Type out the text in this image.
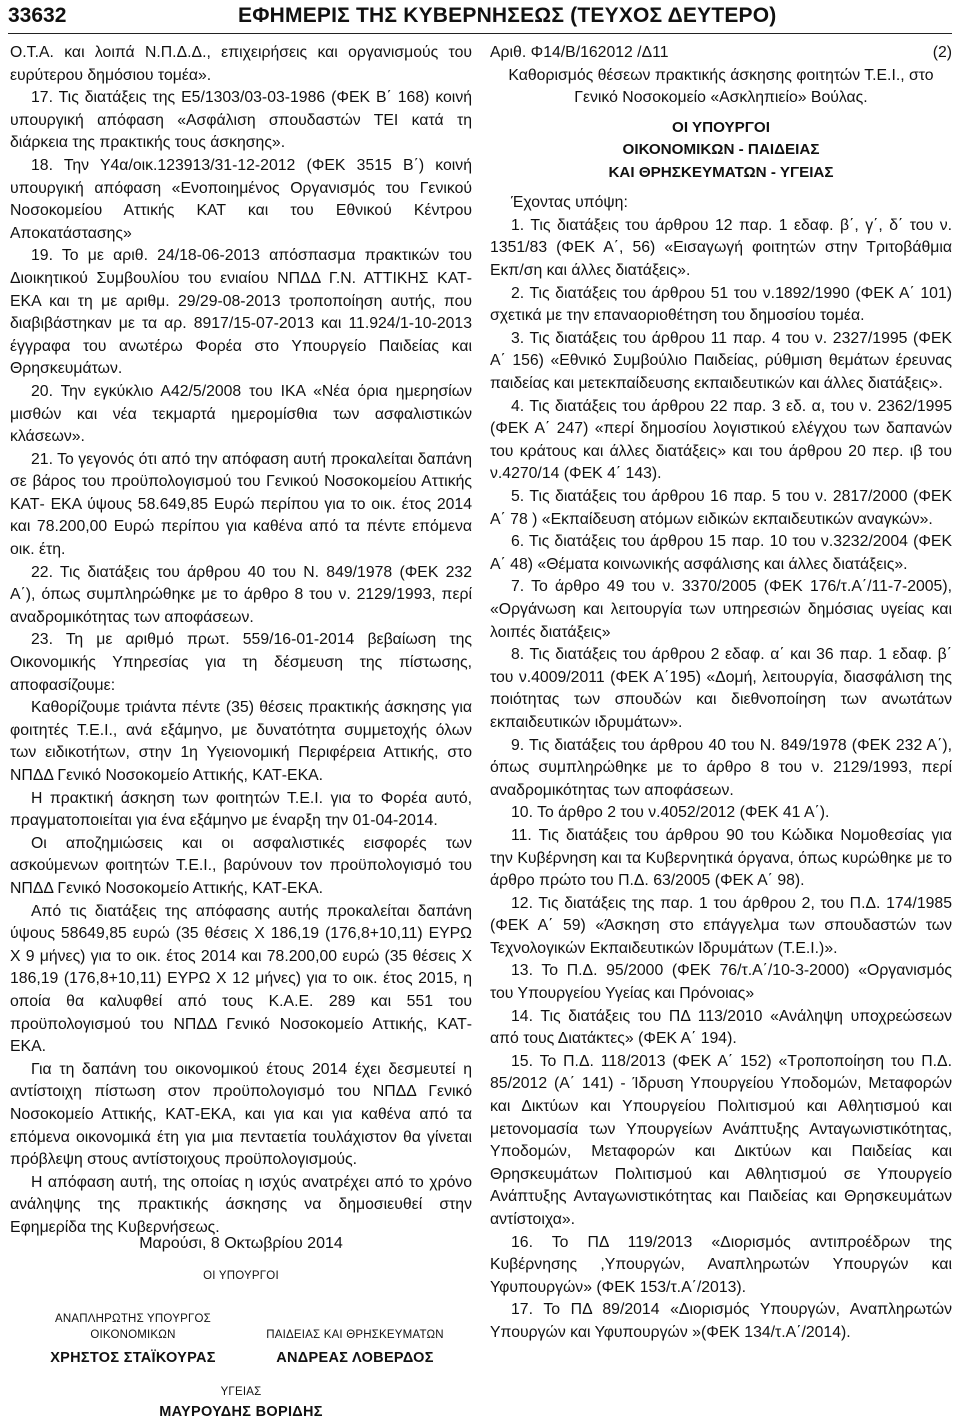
33632	ΕΦΗΜΕΡΙΣ ΤΗΣ ΚΥΒΕΡΝΗΣΕΩΣ (ΤΕΥΧΟΣ ΔΕΥΤΕΡΟ)

Ο.Τ.Α. και λοιπά Ν.Π.Δ.Δ., επιχειρήσεις και οργανισμούς του ευρύτερου δημόσιου τομέα».

17. Τις διατάξεις της Ε5/1303/03-03-1986 (ΦΕΚ Β΄ 168) κοινή υπουργική απόφαση «Ασφάλιση σπουδαστών ΤΕΙ κατά τη διάρκεια της πρακτικής τους άσκησης».

18. Την Υ4α/οικ.123913/31-12-2012 (ΦΕΚ 3515 Β΄) κοινή υπουργική απόφαση «Ενοποιημένος Οργανισμός του Γενικού Νοσοκομείου Αττικής ΚΑΤ και του Εθνικού Κέντρου Αποκατάστασης»

19. Το με αριθ. 24/18-06-2013 απόσπασμα πρακτικών του Διοικητικού Συμβουλίου του ενιαίου ΝΠΔΔ Γ.Ν. ΑΤΤΙΚΗΣ ΚΑΤ-ΕΚΑ και τη με αριθμ. 29/29-08-2013 τροποποίηση αυτής, που διαβιβάστηκαν με τα αρ. 8917/15-07-2013 και 11.924/1-10-2013 έγγραφα του ανωτέρω Φορέα στο Υπουργείο Παιδείας και Θρησκευμάτων.

20. Την εγκύκλιο Α42/5/2008 του ΙΚΑ «Νέα όρια ημερησίων μισθών και νέα τεκμαρτά ημερομίσθια των ασφαλιστικών κλάσεων».

21. Το γεγονός ότι από την απόφαση αυτή προκαλείται δαπάνη σε βάρος του προϋπολογισμού του Γενικού Νοσοκομείου Αττικής ΚΑΤ- ΕΚΑ ύψους 58.649,85 Ευρώ περίπου για το οικ. έτος 2014 και 78.200,00 Ευρώ περίπου για καθένα από τα πέντε επόμενα οικ. έτη.

22. Τις διατάξεις του άρθρου 40 του Ν. 849/1978 (ΦΕΚ 232 Α΄), όπως συμπληρώθηκε με το άρθρο 8 του ν. 2129/1993, περί αναδρομικότητας των αποφάσεων.

23. Τη με αριθμό πρωτ. 559/16-01-2014 βεβαίωση της Οικονομικής Υπηρεσίας για τη δέσμευση της πίστωσης, αποφασίζουμε:

Καθορίζουμε τριάντα πέντε (35) θέσεις πρακτικής άσκησης για φοιτητές Τ.Ε.Ι., ανά εξάμηνο, με δυνατότητα συμμετοχής όλων των ειδικοτήτων, στην 1η Υγειονομική Περιφέρεια Αττικής, στο ΝΠΔΔ Γενικό Νοσοκομείο Αττικής, ΚΑΤ-ΕΚΑ.

Η πρακτική άσκηση των φοιτητών Τ.Ε.Ι. για το Φορέα αυτό, πραγματοποιείται για ένα εξάμηνο με έναρξη την 01-04-2014.

Οι αποζημιώσεις και οι ασφαλιστικές εισφορές των ασκούμενων φοιτητών Τ.Ε.Ι., βαρύνουν τον προϋπολογισμό του ΝΠΔΔ Γενικό Νοσοκομείο Αττικής, ΚΑΤ-ΕΚΑ.

Από τις διατάξεις της απόφασης αυτής προκαλείται δαπάνη ύψους 58649,85 ευρώ (35 θέσεις Χ 186,19 (176,8+10,11) ΕΥΡΩ Χ 9 μήνες) για το οικ. έτος 2014 και 78.200,00 ευρώ (35 θέσεις Χ 186,19 (176,8+10,11) ΕΥΡΩ Χ 12 μήνες) για το οικ. έτος 2015, η οποία θα καλυφθεί από τους Κ.Α.Ε. 289 και 551 του προϋπολογισμού του ΝΠΔΔ Γενικό Νοσοκομείο Αττικής, ΚΑΤ-ΕΚΑ.

Για τη δαπάνη του οικονομικού έτους 2014 έχει δεσμευτεί η αντίστοιχη πίστωση στον προϋπολογισμό του ΝΠΔΔ Γενικό Νοσοκομείο Αττικής, ΚΑΤ-ΕΚΑ, και για και για καθένα από τα επόμενα οικονομικά έτη για μια πενταετία τουλάχιστον θα γίνεται πρόβλεψη στους αντίστοιχους προϋπολογισμούς.

Η απόφαση αυτή, της οποίας η ισχύς ανατρέχει από το χρόνο ανάληψης της πρακτικής άσκησης να δημοσιευθεί στην Εφημερίδα της Κυβερνήσεως.

Μαρούσι, 8 Οκτωβρίου 2014
ΟΙ ΥΠΟΥΡΓΟΙ
ΑΝΑΠΛΗΡΩΤΗΣ ΥΠΟΥΡΓΟΣ
ΟΙΚΟΝΟΜΙΚΩΝ	ΠΑΙΔΕΙΑΣ ΚΑΙ ΘΡΗΣΚΕΥΜΑΤΩΝ
ΧΡΗΣΤΟΣ ΣΤΑΪΚΟΥΡΑΣ	ΑΝΔΡΕΑΣ ΛΟΒΕΡΔΟΣ
ΥΓΕΙΑΣ
ΜΑΥΡΟΥΔΗΣ ΒΟΡΙΔΗΣ

Αριθ. Φ14/Β/162012 /Δ11	(2)

Καθορισμός θέσεων πρακτικής άσκησης φοιτητών Τ.Ε.Ι., στο Γενικό Νοσοκομείο «Ασκληπιείο» Βούλας.

ΟΙ ΥΠΟΥΡΓΟΙ
ΟΙΚΟΝΟΜΙΚΩΝ - ΠΑΙΔΕΙΑΣ
ΚΑΙ ΘΡΗΣΚΕΥΜΑΤΩΝ - ΥΓΕΙΑΣ

Έχοντας υπόψη:

1. Τις διατάξεις του άρθρου 12 παρ. 1 εδαφ. β΄, γ΄, δ΄ του ν. 1351/83 (ΦΕΚ Α΄, 56) «Εισαγωγή φοιτητών στην Τριτοβάθμια Εκπ/ση και άλλες διατάξεις».

2. Τις διατάξεις του άρθρου 51 του ν.1892/1990 (ΦΕΚ Α΄ 101) σχετικά με την επαναοριοθέτηση του δημοσίου τομέα.

3. Τις διατάξεις του άρθρου 11 παρ. 4 του ν. 2327/1995 (ΦΕΚ Α΄ 156) «Εθνικό Συμβούλιο Παιδείας, ρύθμιση θεμάτων έρευνας παιδείας και μετεκπαίδευσης εκπαιδευτικών και άλλες διατάξεις».

4. Τις διατάξεις του άρθρου 22 παρ. 3 εδ. α, του ν. 2362/1995 (ΦΕΚ Α΄ 247) «περί δημοσίου λογιστικού ελέγχου των δαπανών του κράτους και άλλες διατάξεις» και του άρθρου 20 περ. ιβ του ν.4270/14 (ΦΕΚ 4΄ 143).

5. Τις διατάξεις του άρθρου 16 παρ. 5 του ν. 2817/2000 (ΦΕΚ Α΄ 78 ) «Εκπαίδευση ατόμων ειδικών εκπαιδευτικών αναγκών».

6. Τις διατάξεις του άρθρου 15 παρ. 10 του ν.3232/2004 (ΦΕΚ Α΄ 48) «Θέματα κοινωνικής ασφάλισης και άλλες διατάξεις».

7. Το άρθρο 49 του ν. 3370/2005 (ΦΕΚ 176/τ.Α΄/11-7-2005), «Οργάνωση και λειτουργία των υπηρεσιών δημόσιας υγείας και λοιπές διατάξεις»

8. Τις διατάξεις του άρθρου 2 εδαφ. α΄ και 36 παρ. 1 εδαφ. β΄ του ν.4009/2011 (ΦΕΚ Α΄195) «Δομή, λειτουργία, διασφάλιση της ποιότητας των σπουδών και διεθνοποίηση των ανωτάτων εκπαιδευτικών ιδρυμάτων».

9. Τις διατάξεις του άρθρου 40 του Ν. 849/1978 (ΦΕΚ 232 Α΄), όπως συμπληρώθηκε με το άρθρο 8 του ν. 2129/1993, περί αναδρομικότητας των αποφάσεων.

10. Το άρθρο 2 του ν.4052/2012 (ΦΕΚ 41 Α΄).

11. Τις διατάξεις του άρθρου 90 του Κώδικα Νομοθεσίας για την Κυβέρνηση και τα Κυβερνητικά όργανα, όπως κυρώθηκε με το άρθρο πρώτο του Π.Δ. 63/2005 (ΦΕΚ Α΄ 98).

12. Τις διατάξεις της παρ. 1 του άρθρου 2, του Π.Δ. 174/1985 (ΦΕΚ Α΄ 59) «Άσκηση στο επάγγελμα των σπουδαστών των Τεχνολογικών Εκπαιδευτικών Ιδρυμάτων (Τ.Ε.Ι.)».

13. Το Π.Δ. 95/2000 (ΦΕΚ 76/τ.Α΄/10-3-2000) «Οργανισμός του Υπουργείου Υγείας και Πρόνοιας»

14. Τις διατάξεις του ΠΔ 113/2010 «Ανάληψη υποχρεώσεων από τους Διατάκτες» (ΦΕΚ Α΄ 194).

15. Το Π.Δ. 118/2013 (ΦΕΚ Α΄ 152) «Τροποποίηση του Π.Δ. 85/2012 (Α΄ 141) - Ίδρυση Υπουργείου Υποδομών, Μεταφορών και Δικτύων και Υπουργείου Πολιτισμού και Αθλητισμού και μετονομασία των Υπουργείων Ανάπτυξης Ανταγωνιστικότητας, Υποδομών, Μεταφορών και Δικτύων και Παιδείας και Θρησκευμάτων Πολιτισμού και Αθλητισμού σε Υπουργείο Ανάπτυξης Ανταγωνιστικότητας και Παιδείας και Θρησκευμάτων αντίστοιχα».

16. Το ΠΔ 119/2013 «Διορισμός αντιπροέδρων της Κυβέρνησης ,Υπουργών, Αναπληρωτών Υπουργών και Υφυπουργών» (ΦΕΚ 153/τ.Α΄/2013).

17. Το ΠΔ 89/2014 «Διορισμός Υπουργών, Αναπληρωτών Υπουργών και Υφυπουργών »(ΦΕΚ 134/τ.Α΄/2014).
